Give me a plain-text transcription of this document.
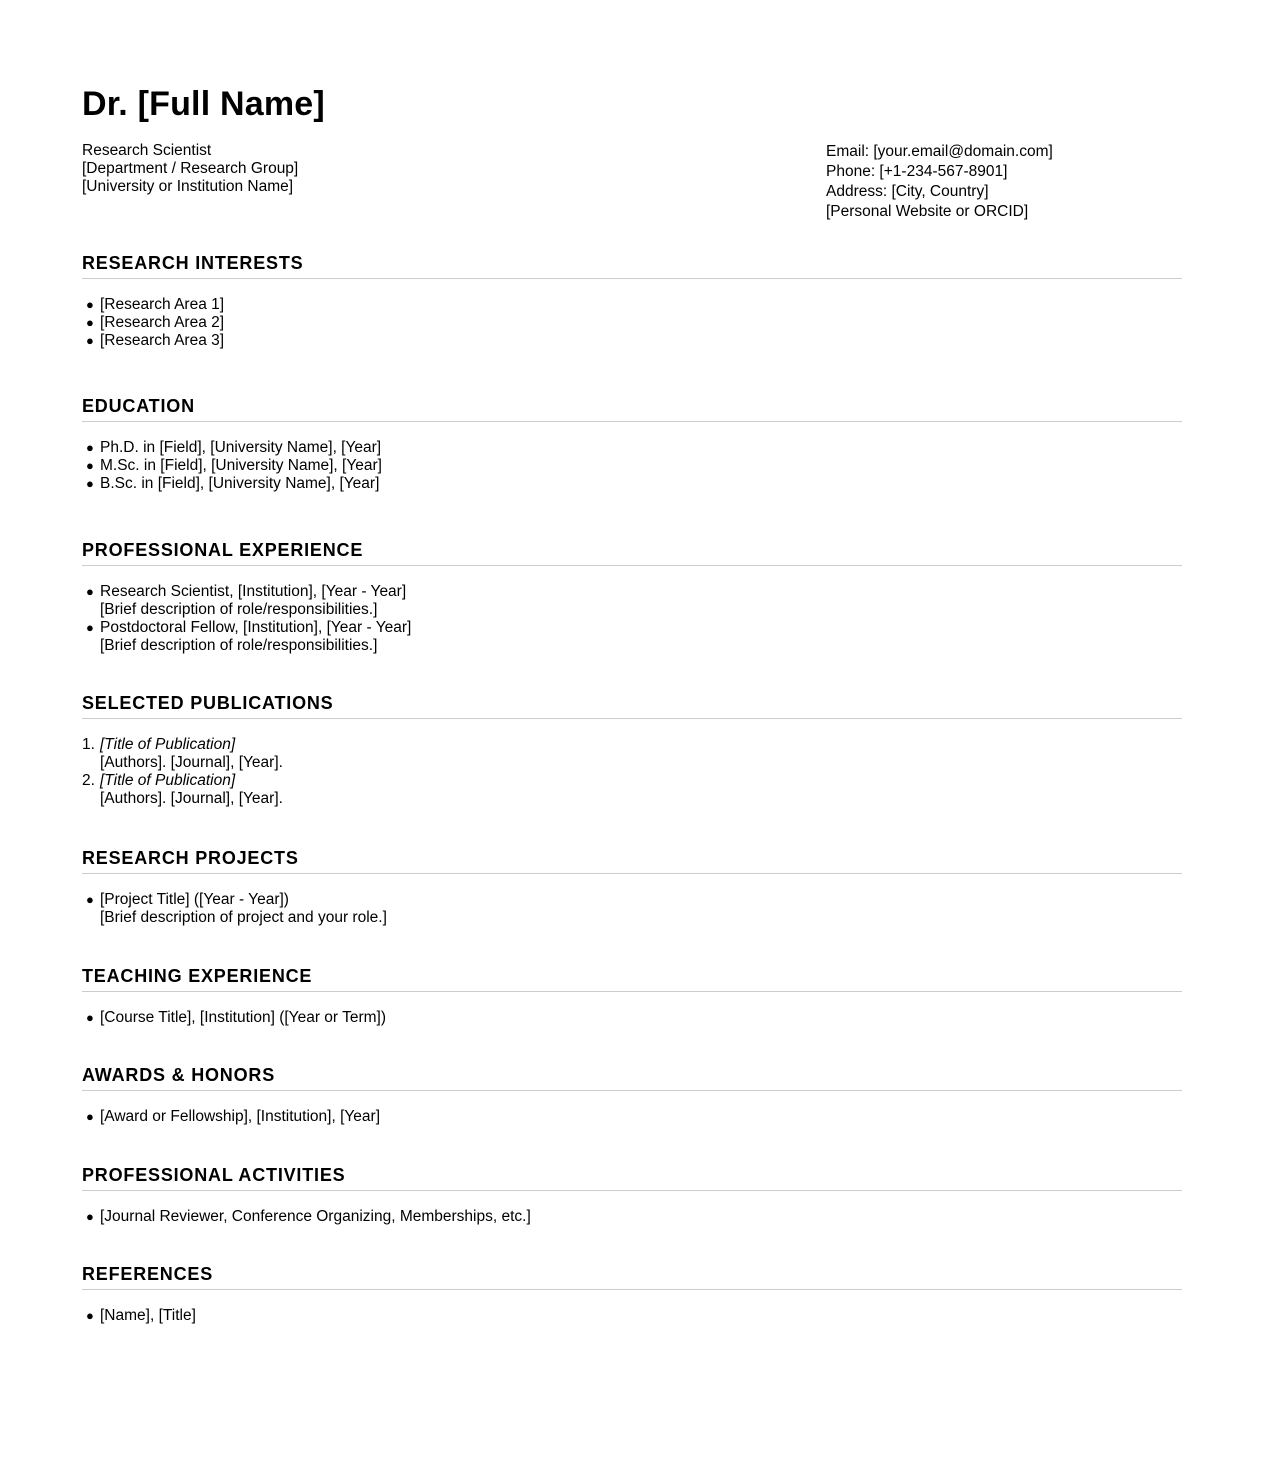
Dr. [Full Name]
Research Scientist
[Department / Research Group]
[University or Institution Name]
Email: [your.email@domain.com]
Phone: [+1-234-567-8901]
Address: [City, Country]
[Personal Website or ORCID]
RESEARCH INTERESTS
● [Research Area 1]
● [Research Area 2]
● [Research Area 3]
EDUCATION
● Ph.D. in [Field], [University Name], [Year]
● M.Sc. in [Field], [University Name], [Year]
● B.Sc. in [Field], [University Name], [Year]
PROFESSIONAL EXPERIENCE
● Research Scientist, [Institution], [Year - Year]
[Brief description of role/responsibilities.]
● Postdoctoral Fellow, [Institution], [Year - Year]
[Brief description of role/responsibilities.]
SELECTED PUBLICATIONS
1. [Title of Publication]
[Authors]. [Journal], [Year].
2. [Title of Publication]
[Authors]. [Journal], [Year].
RESEARCH PROJECTS
● [Project Title] ([Year - Year])
[Brief description of project and your role.]
TEACHING EXPERIENCE
● [Course Title], [Institution] ([Year or Term])
AWARDS & HONORS
● [Award or Fellowship], [Institution], [Year]
PROFESSIONAL ACTIVITIES
● [Journal Reviewer, Conference Organizing, Memberships, etc.]
REFERENCES
● [Name], [Title]
